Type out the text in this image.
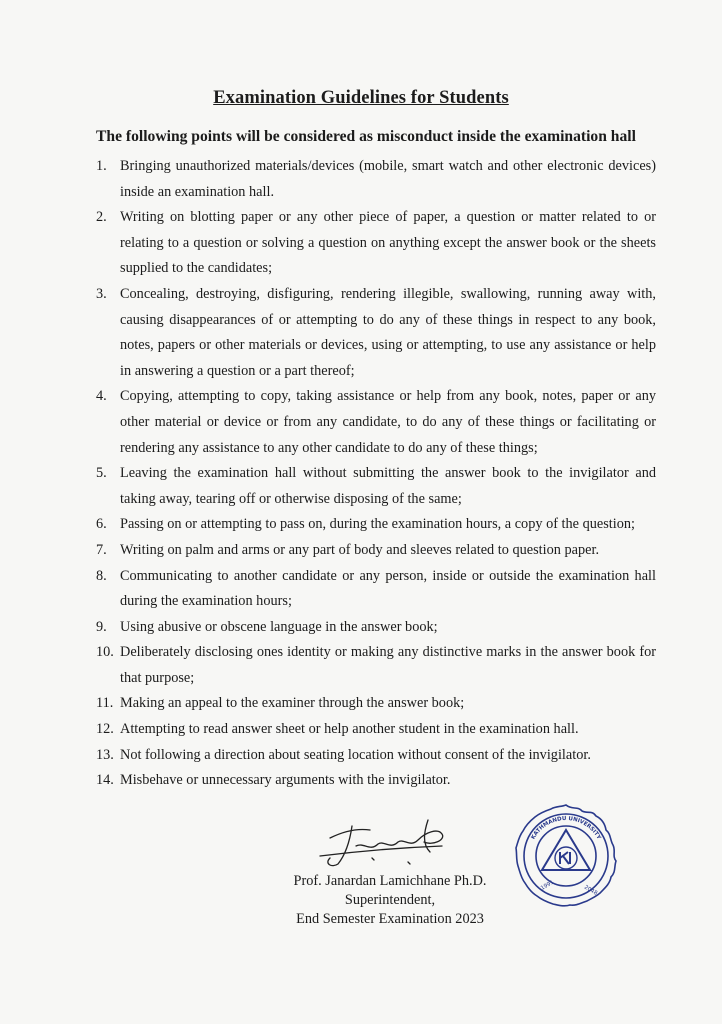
Examination Guidelines for Students
The following points will be considered as misconduct inside the examination hall
1. Bringing unauthorized materials/devices (mobile, smart watch and other electronic devices) inside an examination hall.
2. Writing on blotting paper or any other piece of paper, a question or matter related to or relating to a question or solving a question on anything except the answer book or the sheets supplied to the candidates;
3. Concealing, destroying, disfiguring, rendering illegible, swallowing, running away with, causing disappearances of or attempting to do any of these things in respect to any book, notes, papers or other materials or devices, using or attempting, to use any assistance or help in answering a question or a part thereof;
4. Copying, attempting to copy, taking assistance or help from any book, notes, paper or any other material or device or from any candidate, to do any of these things or facilitating or rendering any assistance to any other candidate to do any of these things;
5. Leaving the examination hall without submitting the answer book to the invigilator and taking away, tearing off or otherwise disposing of the same;
6. Passing on or attempting to pass on, during the examination hours, a copy of the question;
7. Writing on palm and arms or any part of body and sleeves related to question paper.
8. Communicating to another candidate or any person, inside or outside the examination hall during the examination hours;
9. Using abusive or obscene language in the answer book;
10. Deliberately disclosing ones identity or making any distinctive marks in the answer book for that purpose;
11. Making an appeal to the examiner through the answer book;
12. Attempting to read answer sheet or help another student in the examination hall.
13. Not following a direction about seating location without consent of the invigilator.
14. Misbehave or unnecessary arguments with the invigilator.
Prof. Janardan Lamichhane Ph.D.
Superintendent,
End Semester Examination 2023
KATHMANDU UNIVERSITY
1991	2048
